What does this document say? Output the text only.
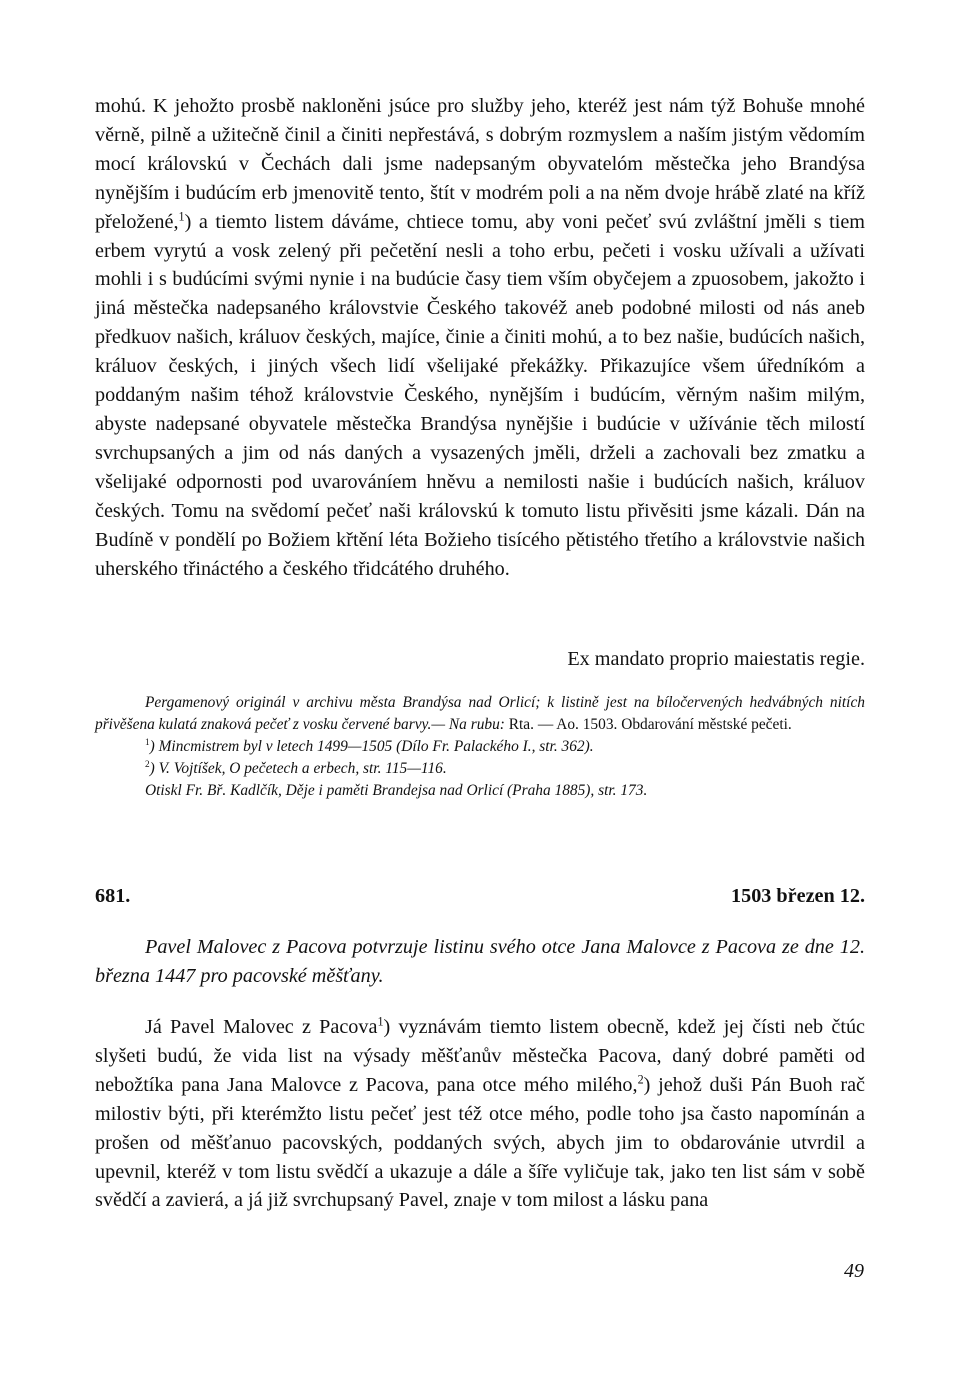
mohú. K jehožto prosbě nakloněni jsúce pro služby jeho, kteréž jest nám týž Bohuše mnohé věrně, pilně a užitečně činil a činiti nepřestává, s dobrým rozmyslem a naším jistým vědomím mocí královskú v Čechách dali jsme nadepsaným obyvatelóm městečka jeho Brandýsa nynějším i budúcím erb jmenovitě tento, štít v modrém poli a na něm dvoje hrábě zlaté na kříž přeložené,$^1$) a tiemto listem dáváme, chtiece tomu, aby voni pečeť svú zvláštní jměli s tiem erbem vyrytú a vosk zelený při pečetění nesli a toho erbu, pečeti i vosku užívali a užívati mohli i s budúcími svými nynie i na budúcie časy tiem vším obyčejem a zpuosobem, jakožto i jiná městečka nadepsaného královstvie Českého takovéž aneb podobné milosti od nás aneb předkuov našich, králuov českých, majíce, činie a činiti mohú, a to bez našie, budúcích našich, králuov českých, i jiných všech lidí všelijaké překážky. Přikazujíce všem úředníkóm a poddaným našim téhož královstvie Českého, nynějším i budúcím, věrným našim milým, abyste nadepsané obyvatele městečka Brandýsa nynějšie i budúcie v užívánie těch milostí svrchupsaných a jim od nás daných a vysazených jměli, drželi a zachovali bez zmatku a všelijaké odpornosti pod uvarováníem hněvu a nemilosti našie i budúcích našich, králuov českých. Tomu na svědomí pečeť naši královskú k tomuto listu přivěsiti jsme kázali. Dán na Budíně v pondělí po Božiem křtění léta Božieho tisícého pětistého třetího a královstvie našich uherského třináctého a českého třidcátého druhého.

Ex mandato proprio maiestatis regie.

Pergamenový originál v archivu města Brandýsa nad Orlicí; k listině jest na bíločervených hedvábných nitích přivěšena kulatá znaková pečeť z vosku červené barvy.— Na rubu: Rta. — Ao. 1503. Obdarování městské pečeti.

$^1$) Mincmistrem byl v letech 1499—1505 (Dílo Fr. Palackého I., str. 362).

$^2$) V. Vojtíšek, O pečetech a erbech, str. 115—116.

Otiskl Fr. Bř. Kadlčík, Děje i paměti Brandejsa nad Orlicí (Praha 1885), str. 173.

681.	1503 březen 12.

Pavel Malovec z Pacova potvrzuje listinu svého otce Jana Malovce z Pacova ze dne 12. března 1447 pro pacovské měšťany.

Já Pavel Malovec z Pacova$^1$) vyznávám tiemto listem obecně, kdež jej čísti neb čtúc slyšeti budú, že vida list na výsady měšťanův městečka Pacova, daný dobré paměti od nebožtíka pana Jana Malovce z Pacova, pana otce mého milého,$^2$) jehož duši Pán Buoh rač milostiv býti, při kterémžto listu pečeť jest též otce mého, podle toho jsa často napomínán a prošen od měšťanuo pacovských, poddaných svých, abych jim to obdarovánie utvrdil a upevnil, kteréž v tom listu svědčí a ukazuje a dále a šíře vyličuje tak, jako ten list sám v sobě svědčí a zavierá, a já již svrchupsaný Pavel, znaje v tom milost a lásku pana

49
